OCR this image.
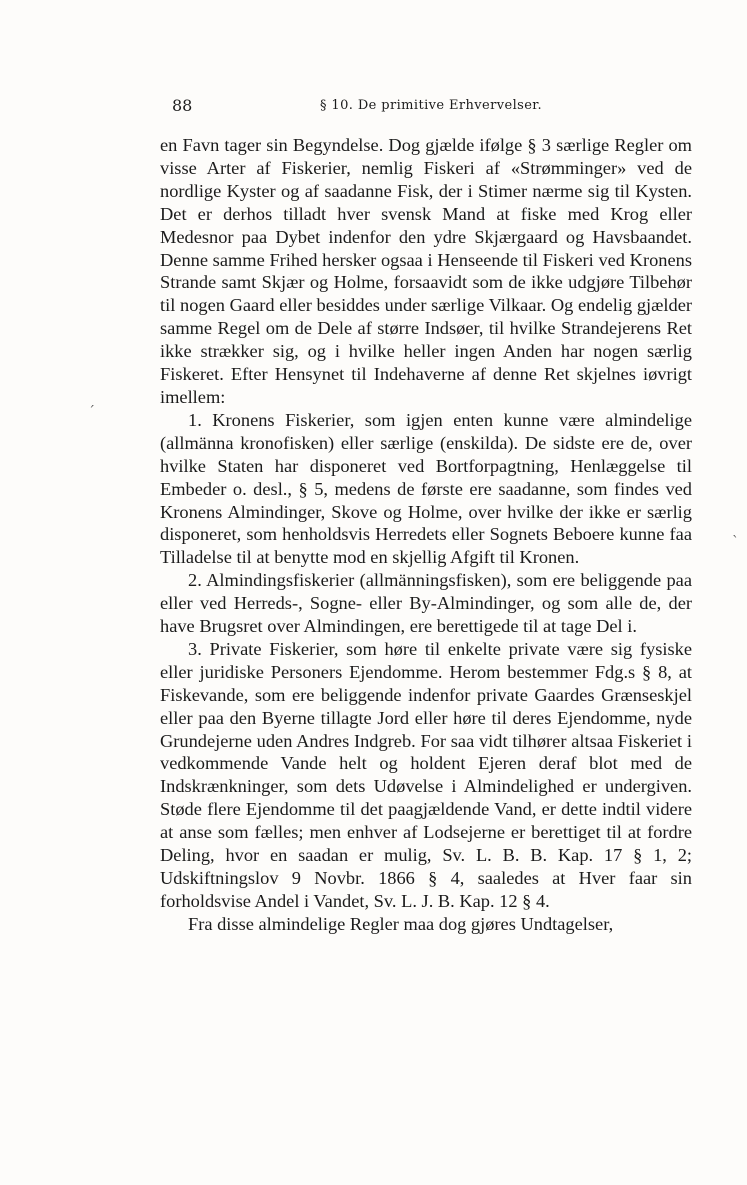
88	§ 10. De primitive Erhvervelser.

en Favn tager sin Begyndelse. Dog gjælde ifølge § 3 særlige Regler om visse Arter af Fiskerier, nemlig Fiskeri af «Strømminger» ved de nordlige Kyster og af saadanne Fisk, der i Stimer nærme sig til Kysten. Det er derhos tilladt hver svensk Mand at fiske med Krog eller Medesnor paa Dybet indenfor den ydre Skjærgaard og Havsbaandet. Denne samme Frihed hersker ogsaa i Henseende til Fiskeri ved Kronens Strande samt Skjær og Holme, forsaavidt som de ikke udgjøre Tilbehør til nogen Gaard eller besiddes under særlige Vilkaar. Og endelig gjælder samme Regel om de Dele af større Indsøer, til hvilke Strandejerens Ret ikke strækker sig, og i hvilke heller ingen Anden har nogen særlig Fiskeret. Efter Hensynet til Indehaverne af denne Ret skjelnes iøvrigt imellem:

1. Kronens Fiskerier, som igjen enten kunne være almindelige (allmänna kronofisken) eller særlige (enskilda). De sidste ere de, over hvilke Staten har disponeret ved Bortforpagtning, Henlæggelse til Embeder o. desl., § 5, medens de første ere saadanne, som findes ved Kronens Almindinger, Skove og Holme, over hvilke der ikke er særlig disponeret, som henholdsvis Herredets eller Sognets Beboere kunne faa Tilladelse til at benytte mod en skjellig Afgift til Kronen.

2. Almindingsfiskerier (allmänningsfisken), som ere beliggende paa eller ved Herreds-, Sogne- eller By-Almindinger, og som alle de, der have Brugsret over Almindingen, ere berettigede til at tage Del i.

3. Private Fiskerier, som høre til enkelte private være sig fysiske eller juridiske Personers Ejendomme. Herom bestemmer Fdg.s § 8, at Fiskevande, som ere beliggende indenfor private Gaardes Grænseskjel eller paa den Byerne tillagte Jord eller høre til deres Ejendomme, nyde Grundejerne uden Andres Indgreb. For saa vidt tilhører altsaa Fiskeriet i vedkommende Vande helt og holdent Ejeren deraf blot med de Indskrænkninger, som dets Udøvelse i Almindelighed er undergiven. Støde flere Ejendomme til det paagjældende Vand, er dette indtil videre at anse som fælles; men enhver af Lodsejerne er berettiget til at fordre Deling, hvor en saadan er mulig, Sv. L. B. B. Kap. 17 § 1, 2; Udskiftningslov 9 Novbr. 1866 § 4, saaledes at Hver faar sin forholdsvise Andel i Vandet, Sv. L. J. B. Kap. 12 § 4.

Fra disse almindelige Regler maa dog gjøres Undtagelser,

ˊ
ˋ
